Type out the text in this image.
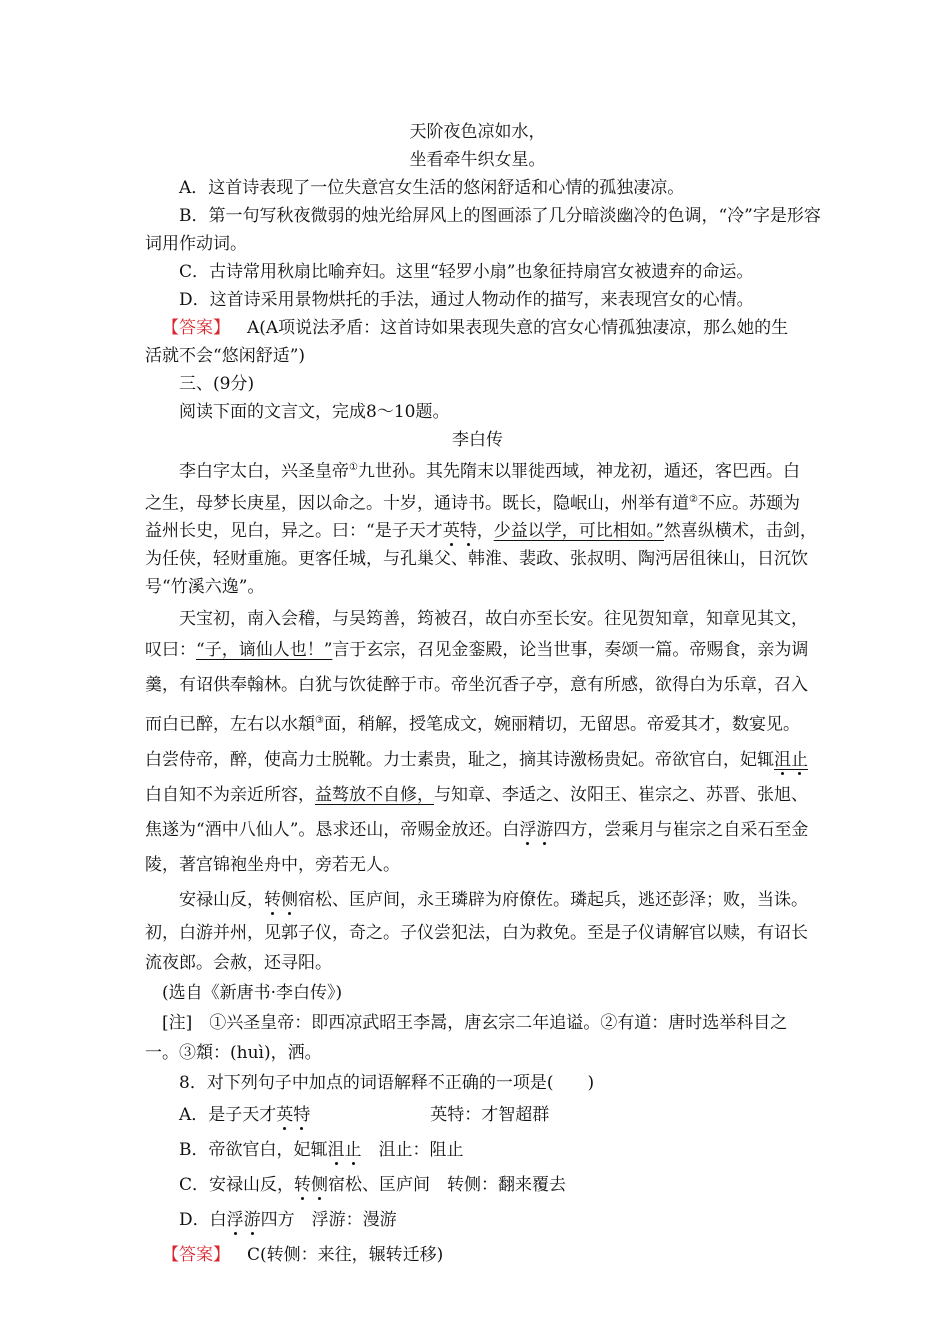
天阶夜色凉如水，
坐看牵牛织女星。
A．这首诗表现了一位失意宫女生活的悠闲舒适和心情的孤独凄凉。
B．第一句写秋夜微弱的烛光给屏风上的图画添了几分暗淡幽冷的色调，“冷”字是形容
词用作动词。
C．古诗常用秋扇比喻弃妇。这里“轻罗小扇”也象征持扇宫女被遗弃的命运。
D．这首诗采用景物烘托的手法，通过人物动作的描写，来表现宫女的心情。
【答案】 A(A项说法矛盾：这首诗如果表现失意的宫女心情孤独凄凉，那么她的生
活就不会“悠闲舒适”)
三、(9分)
阅读下面的文言文，完成8～10题。
李白传
李白字太白，兴圣皇帝①九世孙。其先隋末以罪徙西域，神龙初，遁还，客巴西。白
之生，母梦长庚星，因以命之。十岁，通诗书。既长，隐岷山，州举有道②不应。苏颋为
益州长史，见白，异之。曰：“是子天才英特，少益以学，可比相如。”然喜纵横术，击剑，
为任侠，轻财重施。更客任城，与孔巢父、韩淮、裴政、张叔明、陶沔居徂徕山，日沉饮
号“竹溪六逸”。
天宝初，南入会稽，与吴筠善，筠被召，故白亦至长安。往见贺知章，知章见其文，
叹曰：“子，谪仙人也！”言于玄宗，召见金銮殿，论当世事，奏颂一篇。帝赐食，亲为调
羹，有诏供奉翰林。白犹与饮徒醉于市。帝坐沉香子亭，意有所感，欲得白为乐章，召入
而白已醉，左右以水頮③面，稍解，授笔成文，婉丽精切，无留思。帝爱其才，数宴见。
白尝侍帝，醉，使高力士脱靴。力士素贵，耻之，摘其诗激杨贵妃。帝欲官白，妃辄沮止
白自知不为亲近所容，益骜放不自修，与知章、李适之、汝阳王、崔宗之、苏晋、张旭、
焦遂为“酒中八仙人”。恳求还山，帝赐金放还。白浮游四方，尝乘月与崔宗之自采石至金
陵，著宫锦袍坐舟中，旁若无人。
安禄山反，转侧宿松、匡庐间，永王璘辟为府僚佐。璘起兵，逃还彭泽；败，当诛。
初，白游并州，见郭子仪，奇之。子仪尝犯法，白为救免。至是子仪请解官以赎，有诏长
流夜郎。会赦，还寻阳。
(选自《新唐书·李白传》)
[注]　①兴圣皇帝：即西凉武昭王李暠，唐玄宗二年追谥。②有道：唐时选举科目之
一。③頮：(huì)，洒。
8．对下列句子中加点的词语解释不正确的一项是(　　)
A．是子天才英特	英特：才智超群
B．帝欲官白，妃辄沮止 沮止：阻止
C．安禄山反，转侧宿松、匡庐间 转侧：翻来覆去
D．白浮游四方 浮游：漫游
【答案】 C(转侧：来往，辗转迁移)
